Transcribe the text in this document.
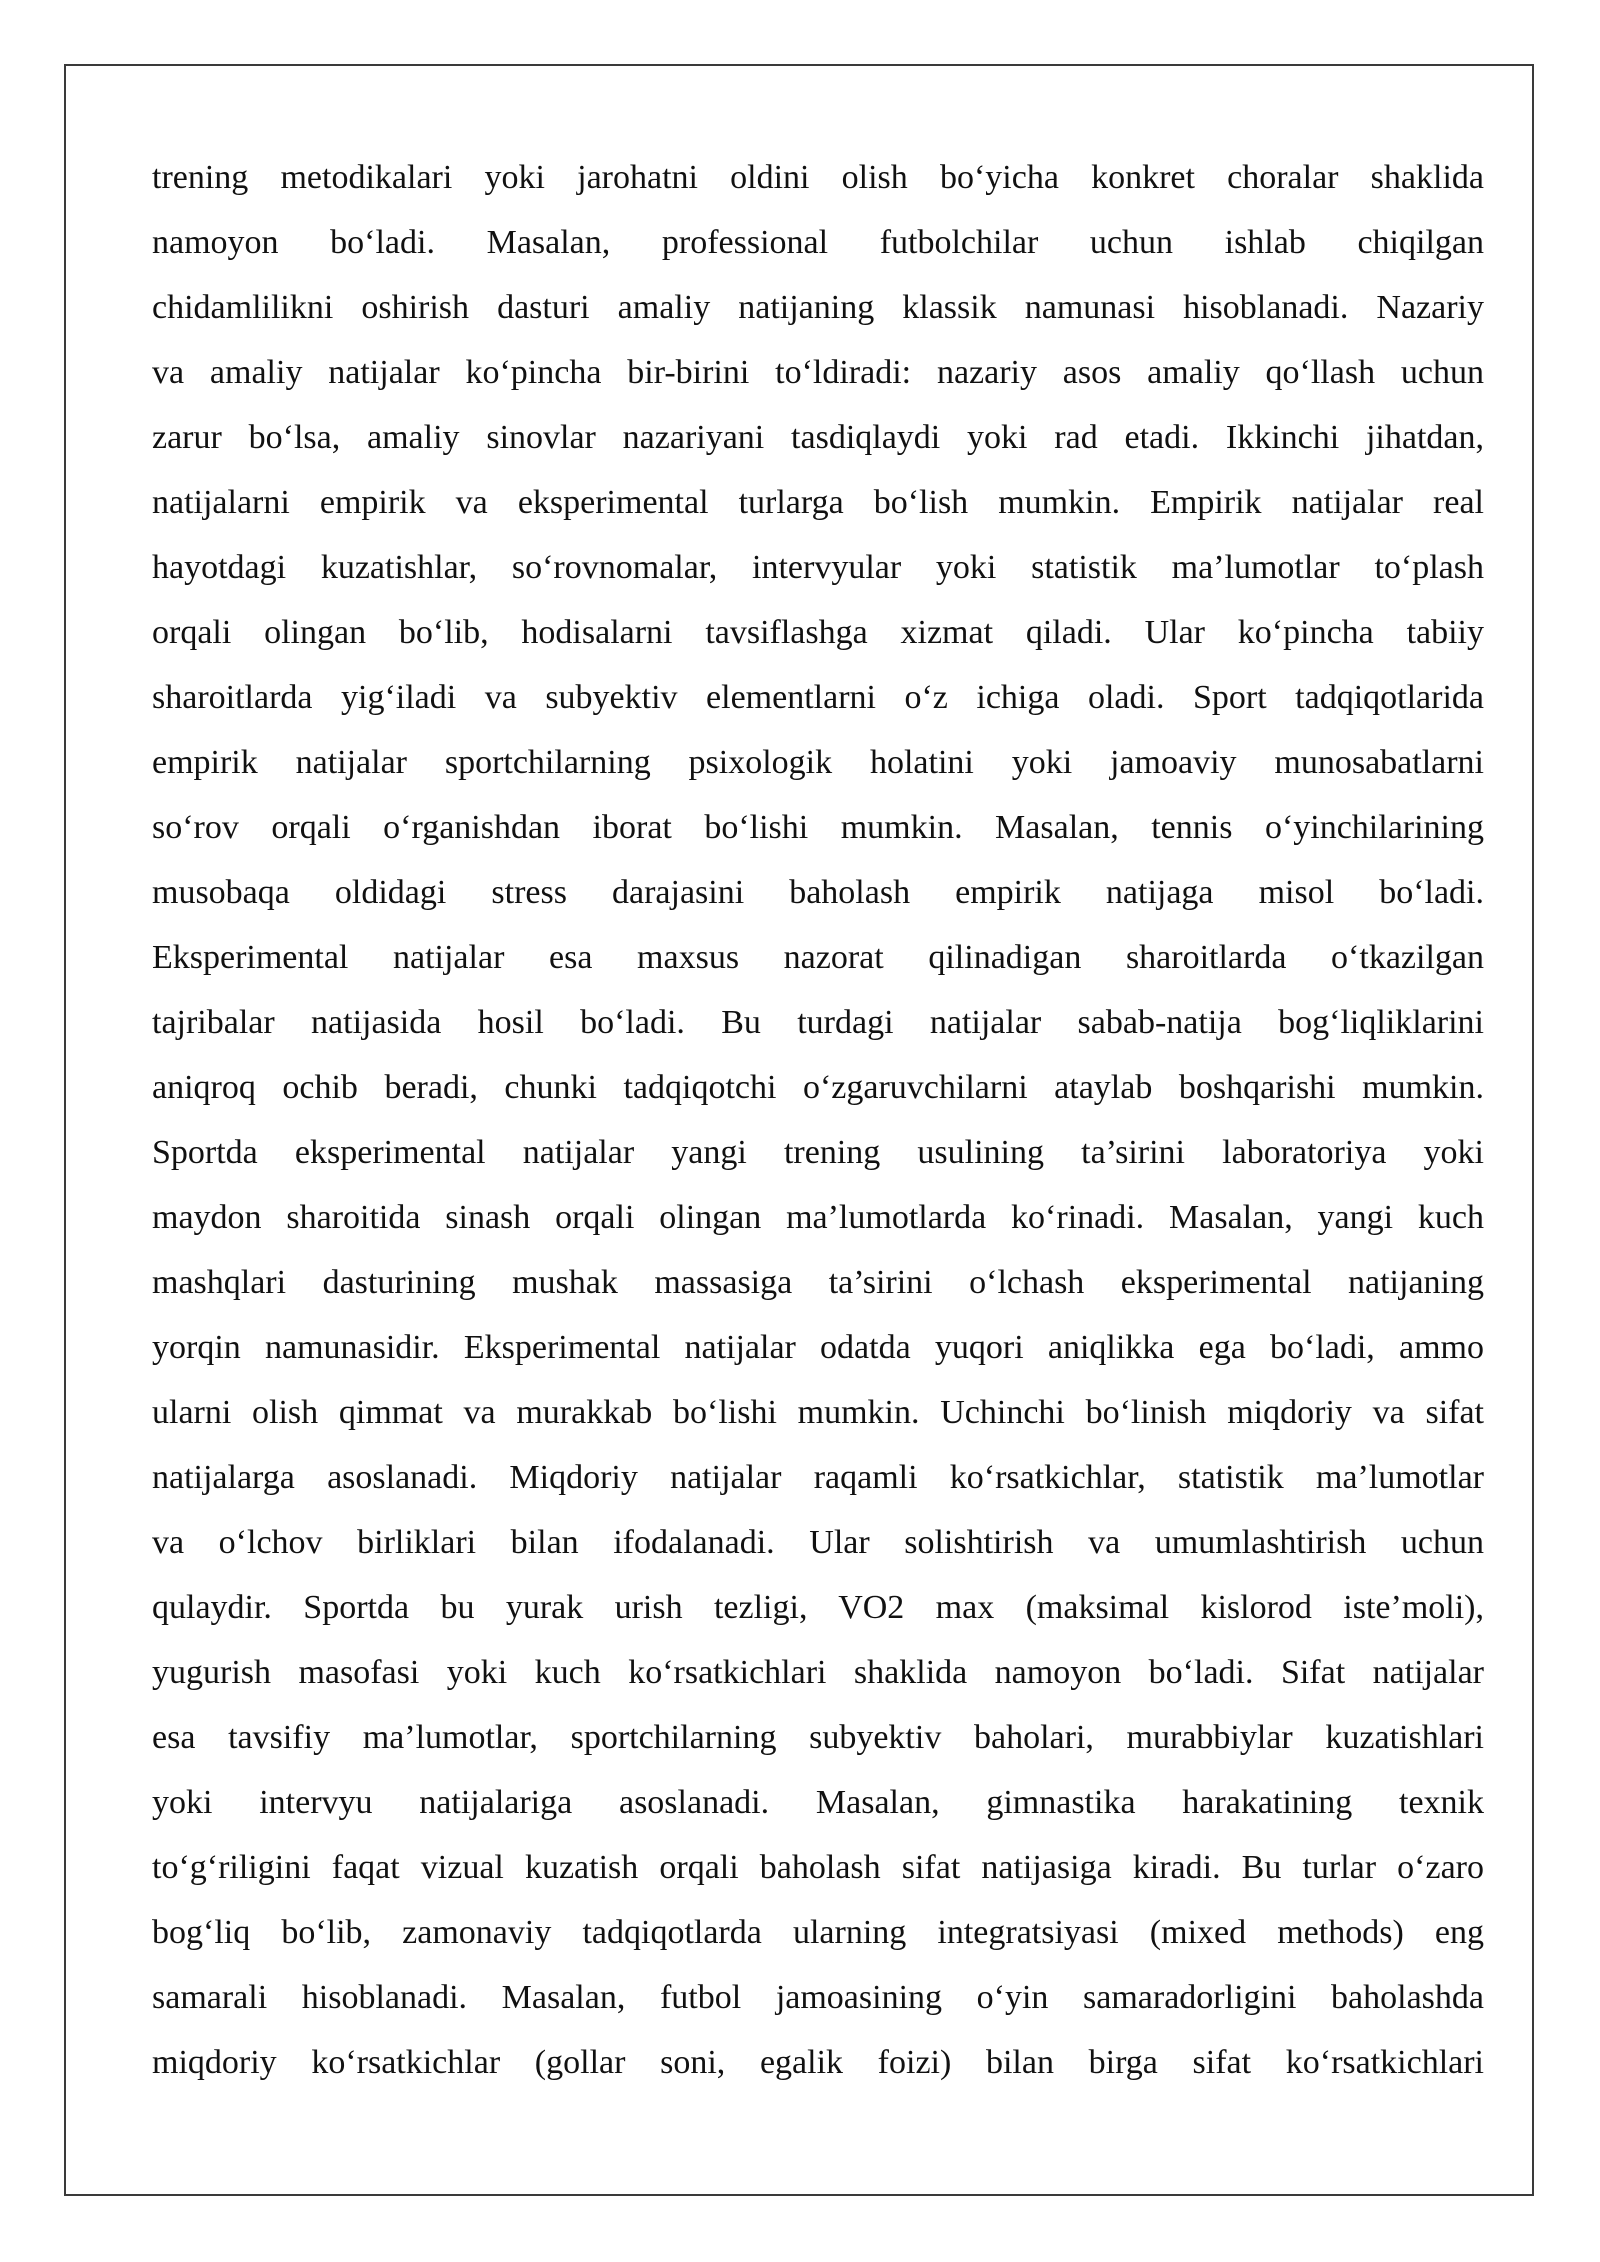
trening metodikalari yoki jarohatni oldini olish bo‘yicha konkret choralar shaklida
namoyon bo‘ladi. Masalan, professional futbolchilar uchun ishlab chiqilgan
chidamlilikni oshirish dasturi amaliy natijaning klassik namunasi hisoblanadi. Nazariy
va amaliy natijalar ko‘pincha bir-birini to‘ldiradi: nazariy asos amaliy qo‘llash uchun
zarur bo‘lsa, amaliy sinovlar nazariyani tasdiqlaydi yoki rad etadi. Ikkinchi jihatdan,
natijalarni empirik va eksperimental turlarga bo‘lish mumkin. Empirik natijalar real
hayotdagi kuzatishlar, so‘rovnomalar, intervyular yoki statistik ma’lumotlar to‘plash
orqali olingan bo‘lib, hodisalarni tavsiflashga xizmat qiladi. Ular ko‘pincha tabiiy
sharoitlarda yig‘iladi va subyektiv elementlarni o‘z ichiga oladi. Sport tadqiqotlarida
empirik natijalar sportchilarning psixologik holatini yoki jamoaviy munosabatlarni
so‘rov orqali o‘rganishdan iborat bo‘lishi mumkin. Masalan, tennis o‘yinchilarining
musobaqa oldidagi stress darajasini baholash empirik natijaga misol bo‘ladi.
Eksperimental natijalar esa maxsus nazorat qilinadigan sharoitlarda o‘tkazilgan
tajribalar natijasida hosil bo‘ladi. Bu turdagi natijalar sabab-natija bog‘liqliklarini
aniqroq ochib beradi, chunki tadqiqotchi o‘zgaruvchilarni ataylab boshqarishi mumkin.
Sportda eksperimental natijalar yangi trening usulining ta’sirini laboratoriya yoki
maydon sharoitida sinash orqali olingan ma’lumotlarda ko‘rinadi. Masalan, yangi kuch
mashqlari dasturining mushak massasiga ta’sirini o‘lchash eksperimental natijaning
yorqin namunasidir. Eksperimental natijalar odatda yuqori aniqlikka ega bo‘ladi, ammo
ularni olish qimmat va murakkab bo‘lishi mumkin. Uchinchi bo‘linish miqdoriy va sifat
natijalarga asoslanadi. Miqdoriy natijalar raqamli ko‘rsatkichlar, statistik ma’lumotlar
va o‘lchov birliklari bilan ifodalanadi. Ular solishtirish va umumlashtirish uchun
qulaydir. Sportda bu yurak urish tezligi, VO2 max (maksimal kislorod iste’moli),
yugurish masofasi yoki kuch ko‘rsatkichlari shaklida namoyon bo‘ladi. Sifat natijalar
esa tavsifiy ma’lumotlar, sportchilarning subyektiv baholari, murabbiylar kuzatishlari
yoki intervyu natijalariga asoslanadi. Masalan, gimnastika harakatining texnik
to‘g‘riligini faqat vizual kuzatish orqali baholash sifat natijasiga kiradi. Bu turlar o‘zaro
bog‘liq bo‘lib, zamonaviy tadqiqotlarda ularning integratsiyasi (mixed methods) eng
samarali hisoblanadi. Masalan, futbol jamoasining o‘yin samaradorligini baholashda
miqdoriy ko‘rsatkichlar (gollar soni, egalik foizi) bilan birga sifat ko‘rsatkichlari
